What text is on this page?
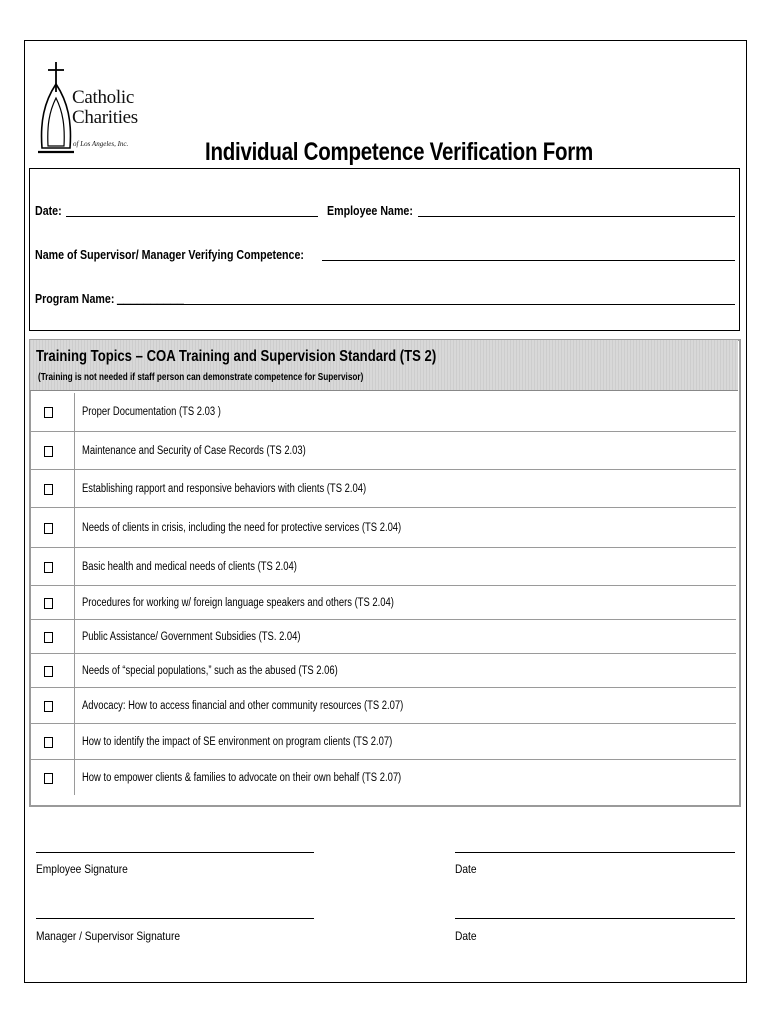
Catholic
Charities
of Los Angeles, Inc.	Individual Competence Verification Form
Date:	Employee Name:
Name of Supervisor/ Manager Verifying Competence:
Program Name: __________
Training Topics – COA Training and Supervision Standard (TS 2)
(Training is not needed if staff person can demonstrate competence for Supervisor)
Proper Documentation (TS 2.03 )
Maintenance and Security of Case Records (TS 2.03)
Establishing rapport and responsive behaviors with clients (TS 2.04)
Needs of clients in crisis, including the need for protective services (TS 2.04)
Basic health and medical needs of clients (TS 2.04)
Procedures for working w/ foreign language speakers and others (TS 2.04)
Public Assistance/ Government Subsidies (TS. 2.04)
Needs of “special populations,” such as the abused (TS 2.06)
Advocacy: How to access financial and other community resources (TS 2.07)
How to identify the impact of SE environment on program clients (TS 2.07)
How to empower clients & families to advocate on their own behalf (TS 2.07)
Employee Signature	Date
Manager / Supervisor Signature	Date
